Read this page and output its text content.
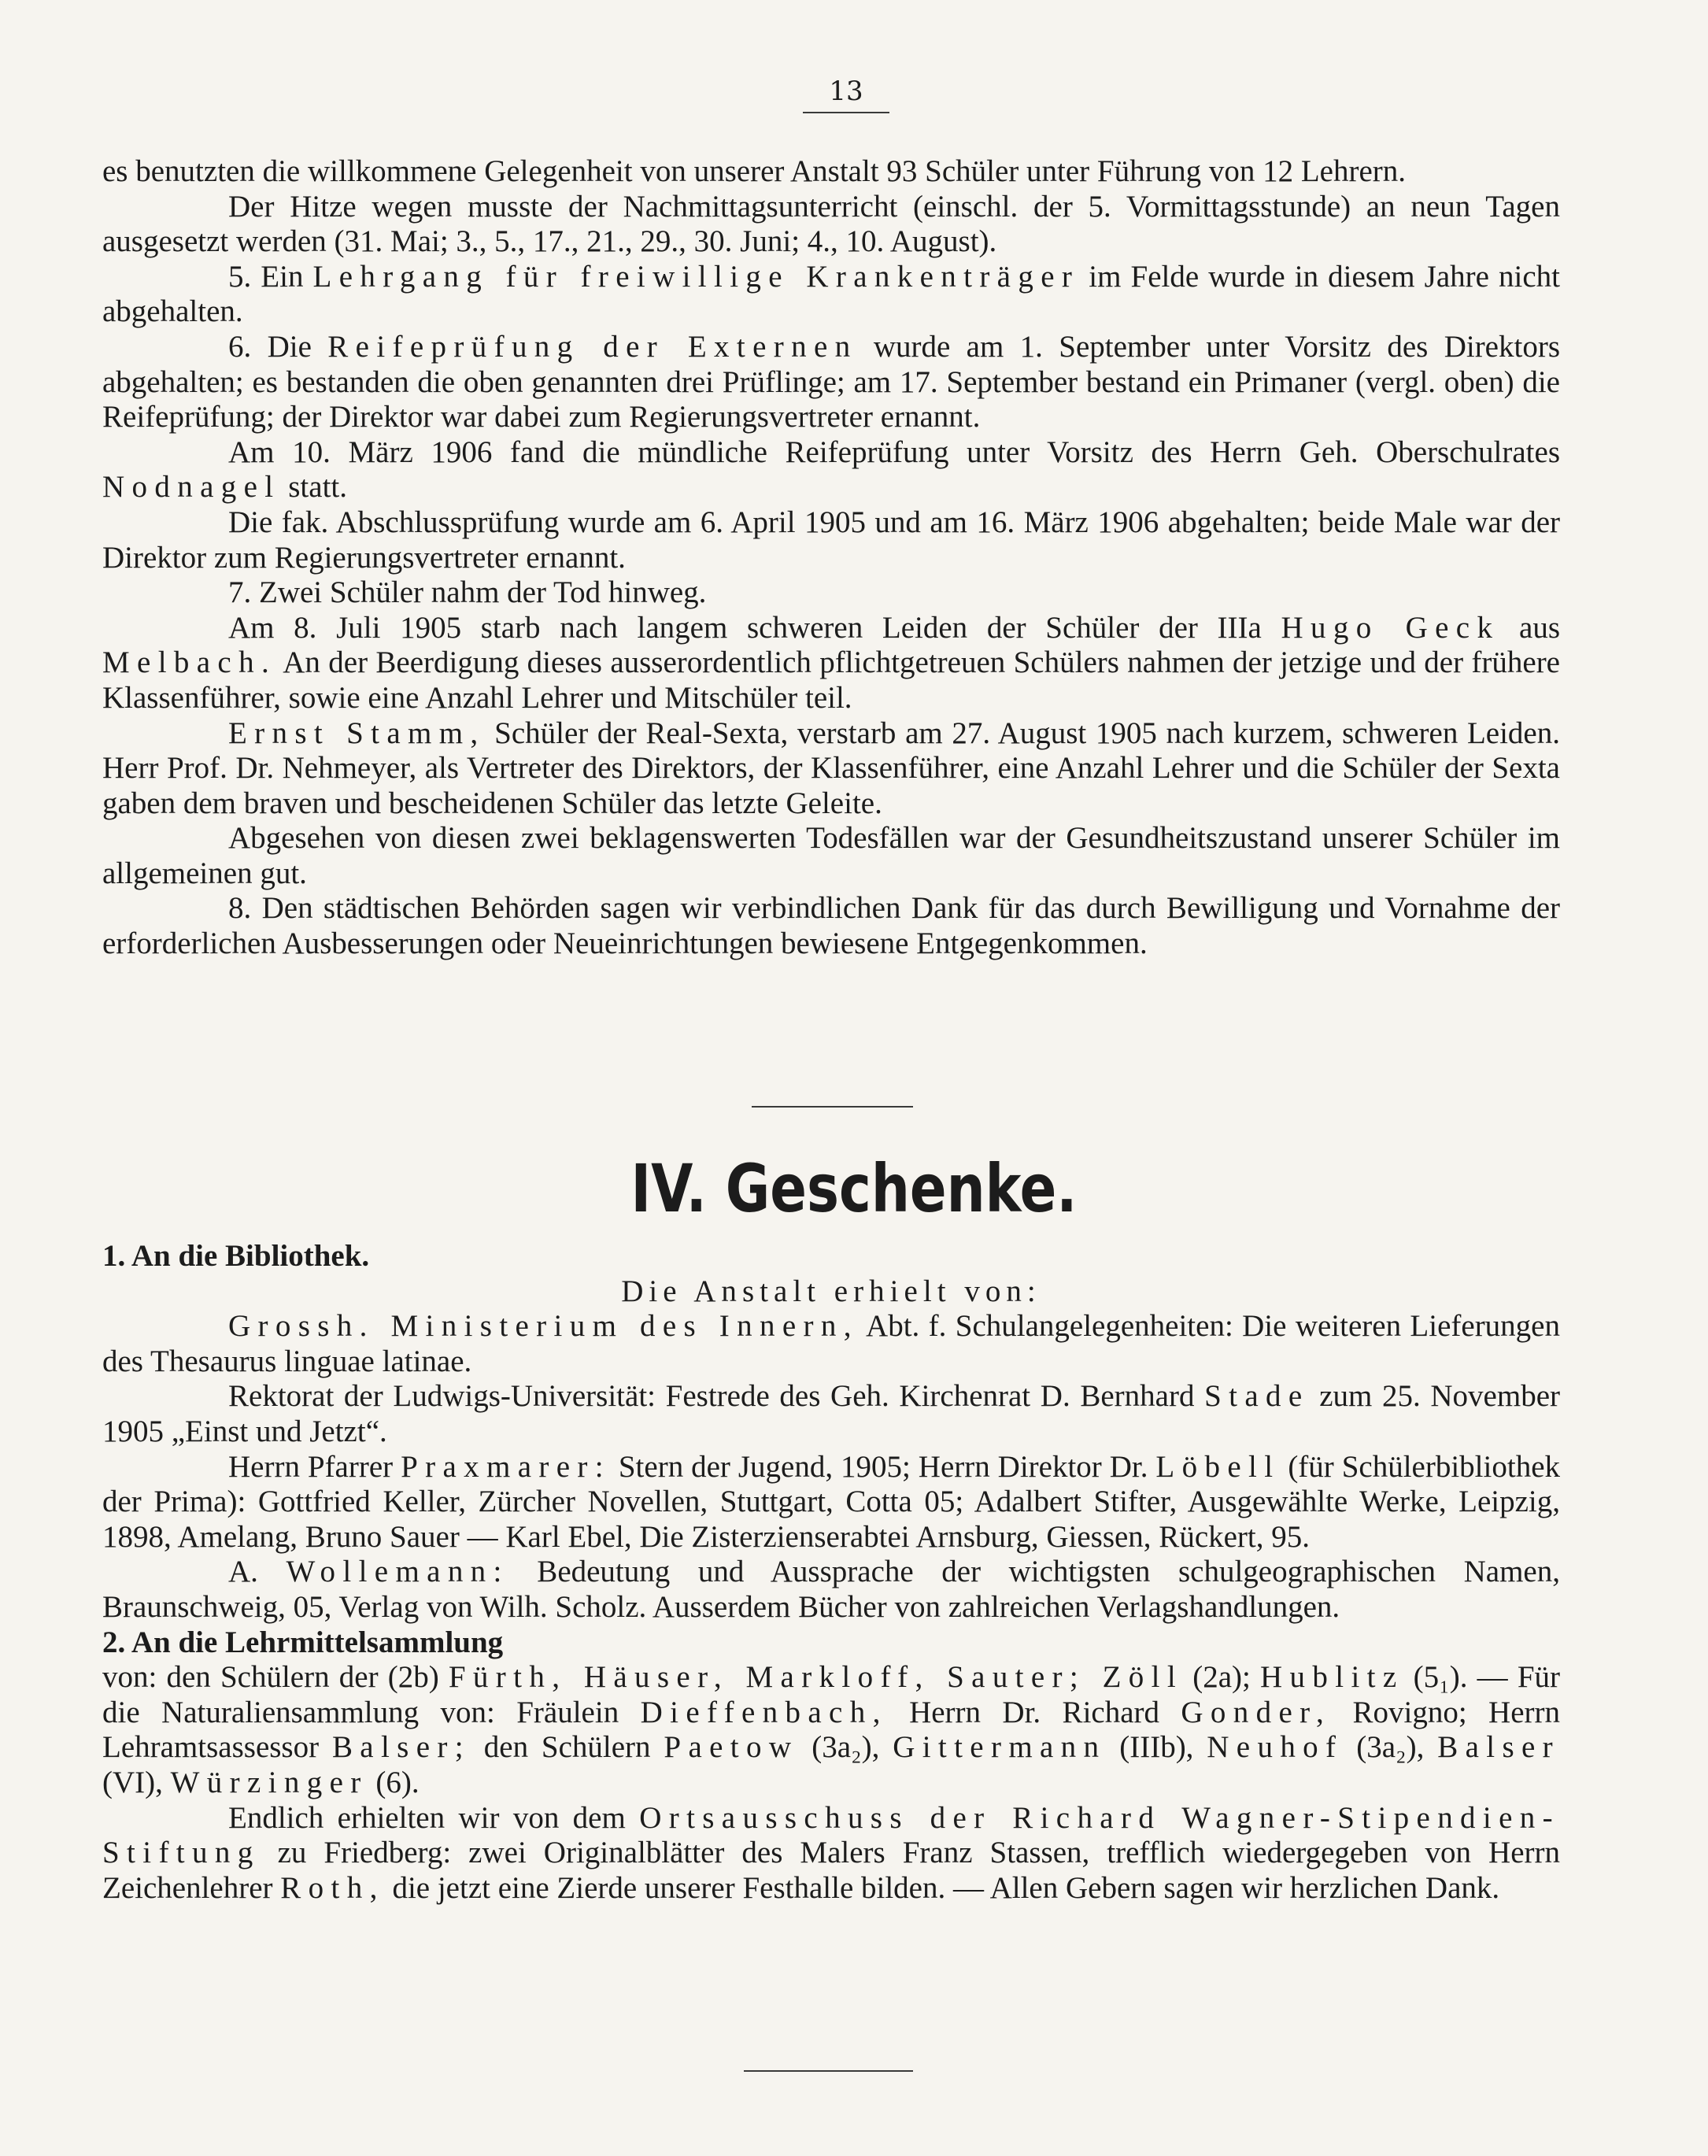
13

es benutzten die willkommene Gelegenheit von unserer Anstalt 93 Schüler unter Führung von 12 Lehrern.

Der Hitze wegen musste der Nachmittagsunterricht (einschl. der 5. Vormittagsstunde) an neun Tagen ausgesetzt werden (31. Mai; 3., 5., 17., 21., 29., 30. Juni; 4., 10. August).

5. Ein Lehrgang für freiwillige Krankenträger im Felde wurde in diesem Jahre nicht abgehalten.

6. Die Reifeprüfung der Externen wurde am 1. September unter Vorsitz des Direktors abgehalten; es bestanden die oben genannten drei Prüflinge; am 17. September bestand ein Primaner (vergl. oben) die Reifeprüfung; der Direktor war dabei zum Regierungsvertreter ernannt.

Am 10. März 1906 fand die mündliche Reifeprüfung unter Vorsitz des Herrn Geh. Oberschulrates Nodnagel statt.

Die fak. Abschlussprüfung wurde am 6. April 1905 und am 16. März 1906 abgehalten; beide Male war der Direktor zum Regierungsvertreter ernannt.

7. Zwei Schüler nahm der Tod hinweg.

Am 8. Juli 1905 starb nach langem schweren Leiden der Schüler der IIIa Hugo Geck aus Melbach. An der Beerdigung dieses ausserordentlich pflichtgetreuen Schülers nahmen der jetzige und der frühere Klassenführer, sowie eine Anzahl Lehrer und Mitschüler teil.

Ernst Stamm, Schüler der Real-Sexta, verstarb am 27. August 1905 nach kurzem, schweren Leiden. Herr Prof. Dr. Nehmeyer, als Vertreter des Direktors, der Klassenführer, eine Anzahl Lehrer und die Schüler der Sexta gaben dem braven und bescheidenen Schüler das letzte Geleite.

Abgesehen von diesen zwei beklagenswerten Todesfällen war der Gesundheitszustand unserer Schüler im allgemeinen gut.

8. Den städtischen Behörden sagen wir verbindlichen Dank für das durch Bewilligung und Vornahme der erforderlichen Ausbesserungen oder Neueinrichtungen bewiesene Entgegenkommen.

IV. Geschenke.

1. An die Bibliothek.

Die Anstalt erhielt von:

Grossh. Ministerium des Innern, Abt. f. Schulangelegenheiten: Die weiteren Lieferungen des Thesaurus linguae latinae.

Rektorat der Ludwigs-Universität: Festrede des Geh. Kirchenrat D. Bernhard Stade zum 25. November 1905 „Einst und Jetzt“.

Herrn Pfarrer Praxmarer: Stern der Jugend, 1905; Herrn Direktor Dr. Löbell (für Schülerbibliothek der Prima): Gottfried Keller, Zürcher Novellen, Stuttgart, Cotta 05; Adalbert Stifter, Ausgewählte Werke, Leipzig, 1898, Amelang, Bruno Sauer — Karl Ebel, Die Zisterzienserabtei Arnsburg, Giessen, Rückert, 95.

A. Wollemann: Bedeutung und Aussprache der wichtigsten schulgeographischen Namen, Braunschweig, 05, Verlag von Wilh. Scholz. Ausserdem Bücher von zahlreichen Verlagshandlungen.

2. An die Lehrmittelsammlung

von: den Schülern der (2b) Fürth, Häuser, Markloff, Sauter; Zöll (2a); Hublitz (5₁). — Für die Naturaliensammlung von: Fräulein Dieffenbach, Herrn Dr. Richard Gonder, Rovigno; Herrn Lehramtsassessor Balser; den Schülern Paetow (3a₂), Gittermann (IIIb), Neuhof (3a₂), Balser (VI), Würzinger (6).

Endlich erhielten wir von dem Ortsausschuss der Richard Wagner-Stipendien-Stiftung zu Friedberg: zwei Originalblätter des Malers Franz Stassen, trefflich wiedergegeben von Herrn Zeichenlehrer Roth, die jetzt eine Zierde unserer Festhalle bilden. — Allen Gebern sagen wir herzlichen Dank.
